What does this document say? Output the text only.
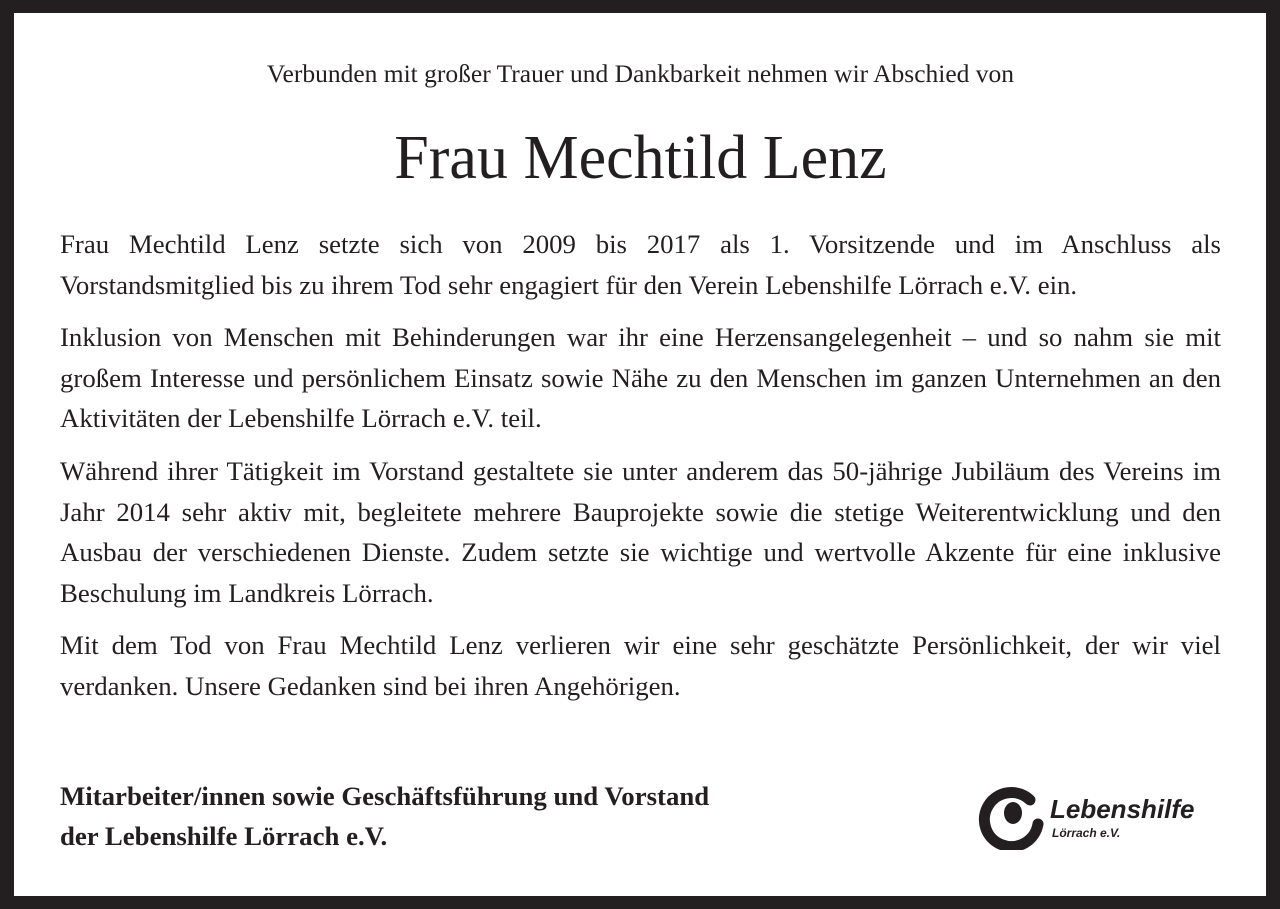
Verbunden mit großer Trauer und Dankbarkeit nehmen wir Abschied von
Frau Mechtild Lenz

Frau Mechtild Lenz setzte sich von 2009 bis 2017 als 1. Vorsitzende und im Anschluss als Vorstandsmitglied bis zu ihrem Tod sehr engagiert für den Verein Lebenshilfe Lörrach e.V. ein.

Inklusion von Menschen mit Behinderungen war ihr eine Herzensangelegenheit – und so nahm sie mit großem Interesse und persönlichem Einsatz sowie Nähe zu den Menschen im ganzen Unternehmen an den Aktivitäten der Lebenshilfe Lörrach e.V. teil.

Während ihrer Tätigkeit im Vorstand gestaltete sie unter anderem das 50-jährige Jubiläum des Vereins im Jahr 2014 sehr aktiv mit, begleitete mehrere Bauprojekte sowie die stetige Weiterentwicklung und den Ausbau der verschiedenen Dienste. Zudem setzte sie wichtige und wertvolle Akzente für eine inklusive Beschulung im Landkreis Lörrach.

Mit dem Tod von Frau Mechtild Lenz verlieren wir eine sehr geschätzte Persönlichkeit, der wir viel verdanken. Unsere Gedanken sind bei ihren Angehörigen.

Mitarbeiter/innen sowie Geschäftsführung und Vorstand
der Lebenshilfe Lörrach e.V.
Lebenshilfe
Lörrach e.V.
